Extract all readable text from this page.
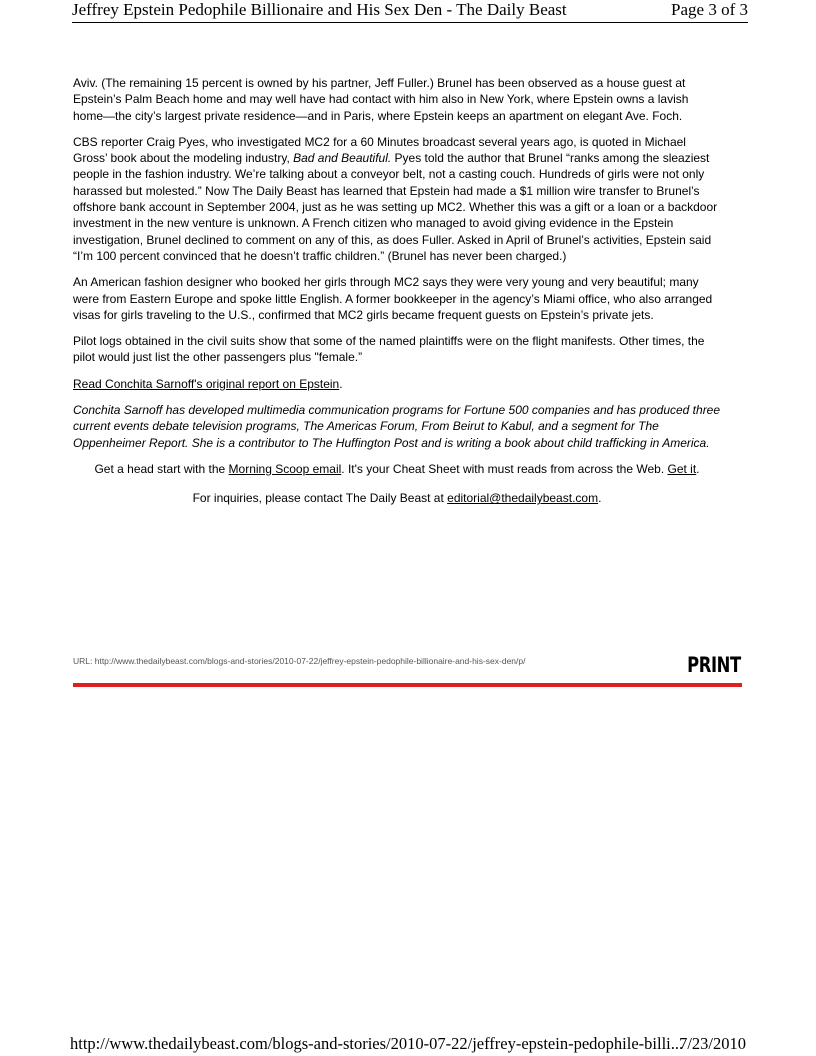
Jeffrey Epstein Pedophile Billionaire and His Sex Den - The Daily Beast	Page 3 of 3

Aviv. (The remaining 15 percent is owned by his partner, Jeff Fuller.) Brunel has been observed as a house guest at Epstein’s Palm Beach home and may well have had contact with him also in New York, where Epstein owns a lavish home—the city’s largest private residence—and in Paris, where Epstein keeps an apartment on elegant Ave. Foch.

CBS reporter Craig Pyes, who investigated MC2 for a 60 Minutes broadcast several years ago, is quoted in Michael Gross’ book about the modeling industry, Bad and Beautiful. Pyes told the author that Brunel “ranks among the sleaziest people in the fashion industry. We’re talking about a conveyor belt, not a casting couch. Hundreds of girls were not only harassed but molested.” Now The Daily Beast has learned that Epstein had made a $1 million wire transfer to Brunel’s offshore bank account in September 2004, just as he was setting up MC2. Whether this was a gift or a loan or a backdoor investment in the new venture is unknown. A French citizen who managed to avoid giving evidence in the Epstein investigation, Brunel declined to comment on any of this, as does Fuller. Asked in April of Brunel’s activities, Epstein said “I’m 100 percent convinced that he doesn’t traffic children.” (Brunel has never been charged.)

An American fashion designer who booked her girls through MC2 says they were very young and very beautiful; many were from Eastern Europe and spoke little English. A former bookkeeper in the agency’s Miami office, who also arranged visas for girls traveling to the U.S., confirmed that MC2 girls became frequent guests on Epstein’s private jets.

Pilot logs obtained in the civil suits show that some of the named plaintiffs were on the flight manifests. Other times, the pilot would just list the other passengers plus "female.”

Read Conchita Sarnoff's original report on Epstein.

Conchita Sarnoff has developed multimedia communication programs for Fortune 500 companies and has produced three current events debate television programs, The Americas Forum, From Beirut to Kabul, and a segment for The Oppenheimer Report. She is a contributor to The Huffington Post and is writing a book about child trafficking in America.

Get a head start with the Morning Scoop email. It's your Cheat Sheet with must reads from across the Web. Get it.

For inquiries, please contact The Daily Beast at editorial@thedailybeast.com.

URL: http://www.thedailybeast.com/blogs-and-stories/2010-07-22/jeffrey-epstein-pedophile-billionaire-and-his-sex-den/p/	PRINT
http://www.thedailybeast.com/blogs-and-stories/2010-07-22/jeffrey-epstein-pedophile-billi...
7/23/2010
